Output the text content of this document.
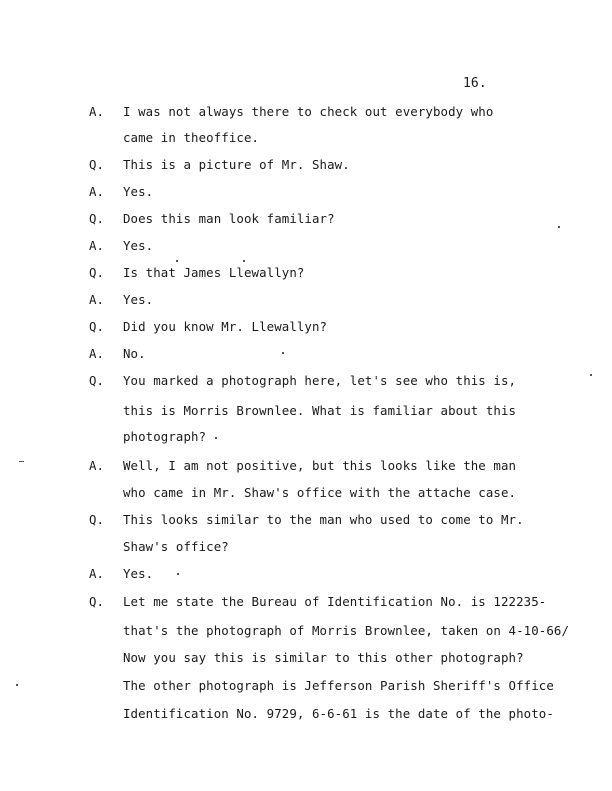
16.
A. I was not always there to check out everybody who
came in theoffice.
Q. This is a picture of Mr. Shaw.
A. Yes.
Q. Does this man look familiar?
A. Yes.
Q. Is that James Llewallyn?
A. Yes.
Q. Did you know Mr. Llewallyn?
A. No.
Q. You marked a photograph here, let's see who this is,
this is Morris Brownlee. What is familiar about this
photograph?
A. Well, I am not positive, but this looks like the man
who came in Mr. Shaw's office with the attache case.
Q. This looks similar to the man who used to come to Mr.
Shaw's office?
A. Yes.
Q. Let me state the Bureau of Identification No. is 122235-
that's the photograph of Morris Brownlee, taken on 4-10-66/
Now you say this is similar to this other photograph?
The other photograph is Jefferson Parish Sheriff's Office
Identification No. 9729, 6-6-61 is the date of the photo-
